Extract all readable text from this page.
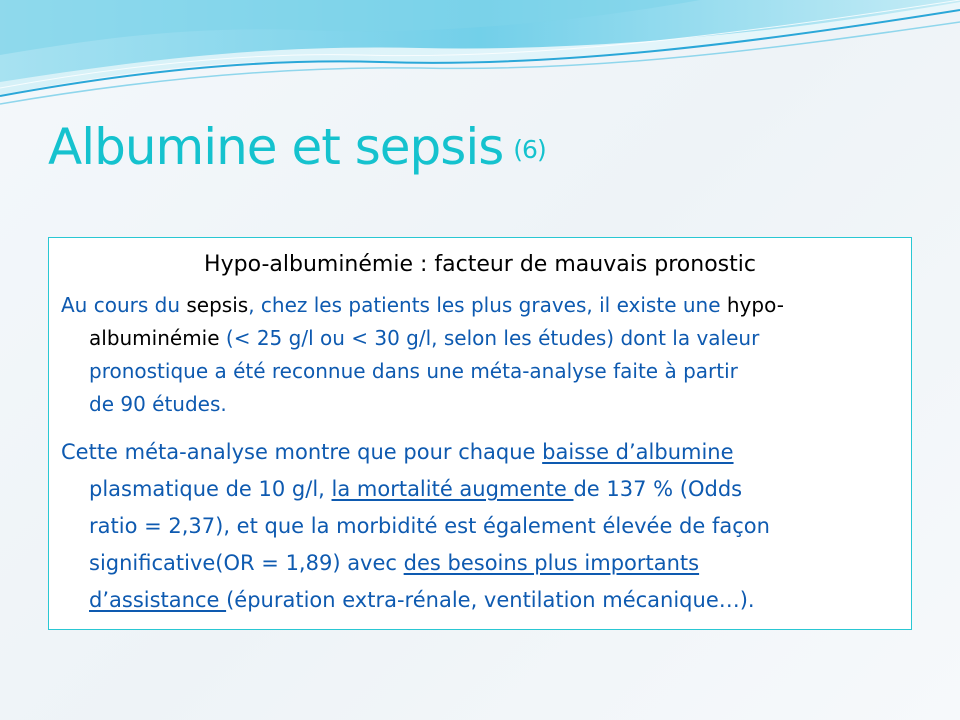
Albumine et sepsis (6)

Hypo-albuminémie : facteur de mauvais pronostic

Au cours du sepsis, chez les patients les plus graves, il existe une hypo-
albuminémie (< 25 g/l ou < 30 g/l, selon les études) dont la valeur
pronostique a été reconnue dans une méta-analyse faite à partir
de 90 études.
Cette méta-analyse montre que pour chaque baisse d’albumine
plasmatique de 10 g/l, la mortalité augmente de 137 % (Odds
ratio = 2,37), et que la morbidité est également élevée de façon
significative(OR = 1,89) avec des besoins plus importants
d’assistance (épuration extra-rénale, ventilation mécanique…).
